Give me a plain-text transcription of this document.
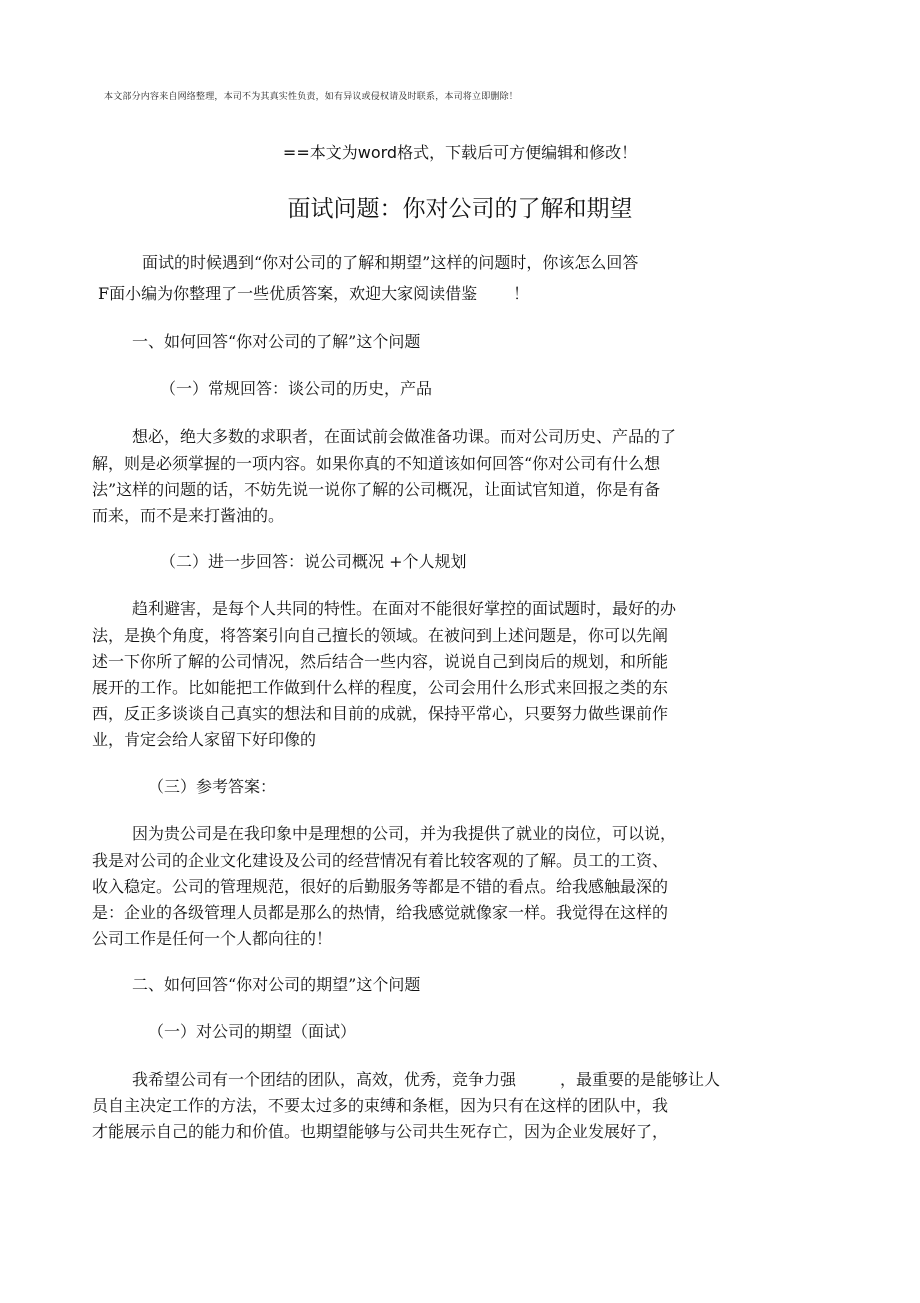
本文部分内容来自网络整理，本司不为其真实性负责，如有异议或侵权请及时联系，本司将立即删除！
==本文为word格式，下载后可方便编辑和修改！
面试问题：你对公司的了解和期望
面试的时候遇到“你对公司的了解和期望”这样的问题时，你该怎么回答
F面小编为你整理了一些优质答案，欢迎大家阅读借鉴 ！
一、如何回答“你对公司的了解”这个问题
（一）常规回答：谈公司的历史，产品
想必，绝大多数的求职者，在面试前会做准备功课。而对公司历史、产品的了
解，则是必须掌握的一项内容。如果你真的不知道该如何回答“你对公司有什么想
法”这样的问题的话，不妨先说一说你了解的公司概况，让面试官知道，你是有备
而来，而不是来打酱油的。
（二）进一步回答：说公司概况 +个人规划
趋利避害，是每个人共同的特性。在面对不能很好掌控的面试题时，最好的办
法，是换个角度，将答案引向自己擅长的领域。在被问到上述问题是，你可以先阐
述一下你所了解的公司情况，然后结合一些内容，说说自己到岗后的规划，和所能
展开的工作。比如能把工作做到什么样的程度，公司会用什么形式来回报之类的东
西，反正多谈谈自己真实的想法和目前的成就，保持平常心，只要努力做些课前作
业，肯定会给人家留下好印像的
（三）参考答案：
因为贵公司是在我印象中是理想的公司，并为我提供了就业的岗位，可以说，
我是对公司的企业文化建设及公司的经营情况有着比较客观的了解。员工的工资、
收入稳定。公司的管理规范，很好的后勤服务等都是不错的看点。给我感触最深的
是：企业的各级管理人员都是那么的热情，给我感觉就像家一样。我觉得在这样的
公司工作是任何一个人都向往的！
二、如何回答“你对公司的期望”这个问题
（一）对公司的期望（面试）
我希望公司有一个团结的团队，高效，优秀，竞争力强	，最重要的是能够让人
员自主决定工作的方法，不要太过多的束缚和条框，因为只有在这样的团队中，我
才能展示自己的能力和价值。也期望能够与公司共生死存亡，因为企业发展好了，
